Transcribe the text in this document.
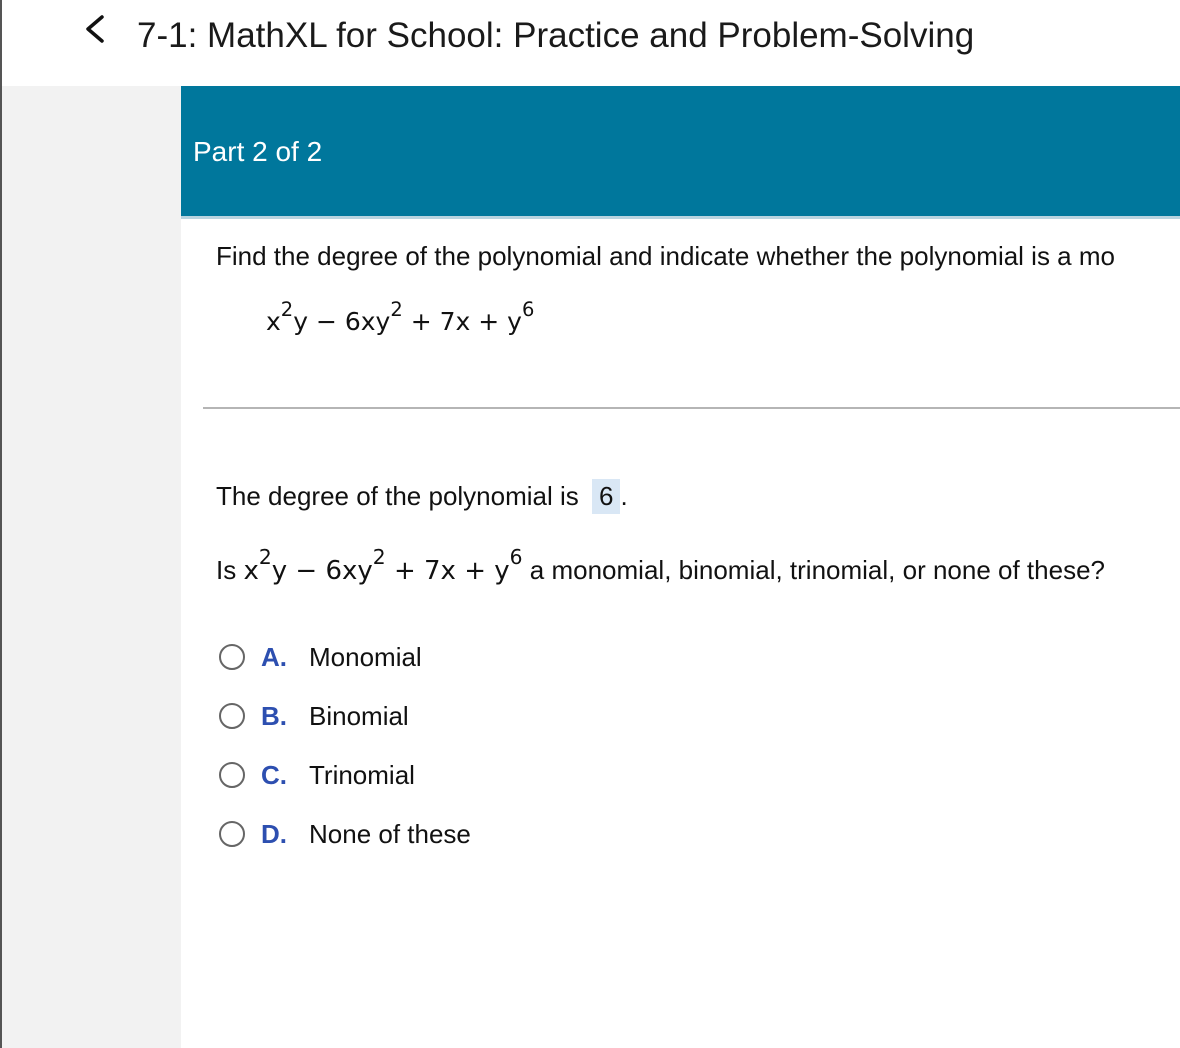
7-1: MathXL for School: Practice and Problem-Solving
Part 2 of 2
Find the degree of the polynomial and indicate whether the polynomial is a mo
$x^2y - 6xy^2 + 7x + y^6$
The degree of the polynomial is 6 .
Is $x^2y - 6xy^2 + 7x + y^6$ a monomial, binomial, trinomial, or none of these?
A. Monomial
B. Binomial
C. Trinomial
D. None of these
